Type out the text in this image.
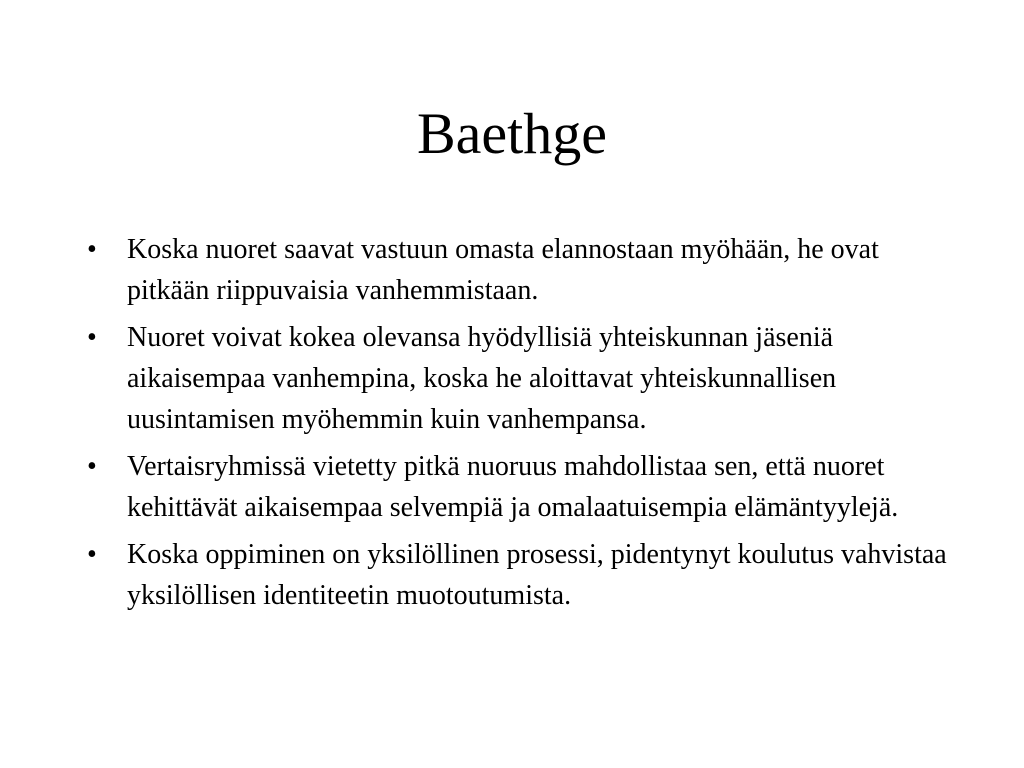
Baethge
• Koska nuoret saavat vastuun omasta elannostaan myöhään, he ovat pitkään riippuvaisia vanhemmistaan.
• Nuoret voivat kokea olevansa hyödyllisiä yhteiskunnan jäseniä aikaisempaa vanhempina, koska he aloittavat yhteiskunnallisen uusintamisen myöhemmin kuin vanhempansa.
• Vertaisryhmissä vietetty pitkä nuoruus mahdollistaa sen, että nuoret kehittävät aikaisempaa selvempiä ja omalaatuisempia elämäntyylejä.
• Koska oppiminen on yksilöllinen prosessi, pidentynyt koulutus vahvistaa yksilöllisen identiteetin muotoutumista.
